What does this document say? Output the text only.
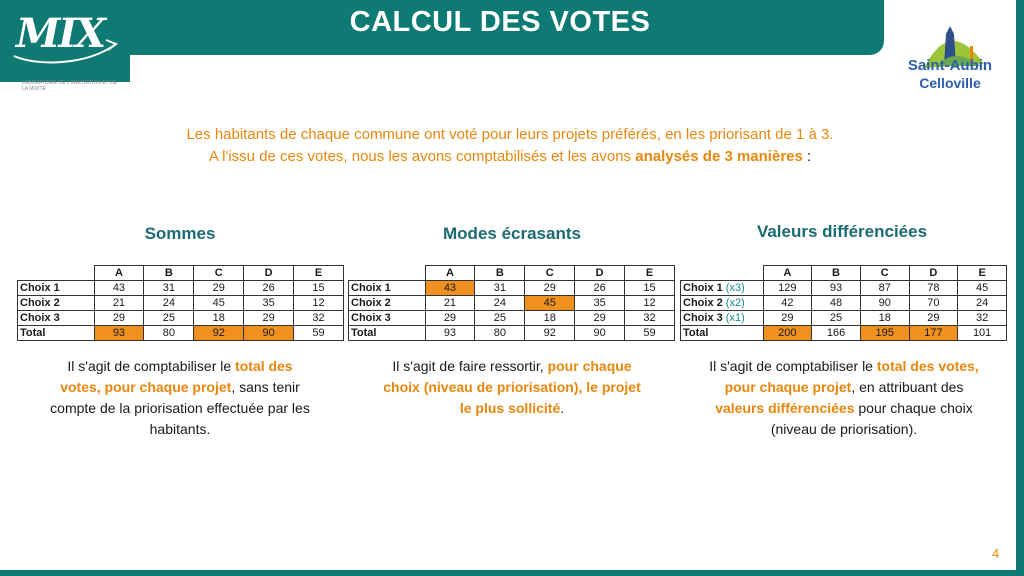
MIX
LABORATOIRE DE L'INNOVATION ET DE LA MIXITÉ
CALCUL DES VOTES
Saint-Aubin
Celloville
Les habitants de chaque commune ont voté pour leurs projets préférés, en les priorisant de 1 à 3.
A l'issu de ces votes, nous les avons comptabilisés et les avons analysés de 3 manières :
Sommes
	A	B	C	D	E
Choix 1	43	31	29	26	15
Choix 2	21	24	45	35	12
Choix 3	29	25	18	29	32
Total	93	80	92	90	59
Il s'agit de comptabiliser le total des votes, pour chaque projet, sans tenir compte de la priorisation effectuée par les habitants.
Modes écrasants
	A	B	C	D	E
Choix 1	43	31	29	26	15
Choix 2	21	24	45	35	12
Choix 3	29	25	18	29	32
Total	93	80	92	90	59
Il s'agit de faire ressortir, pour chaque choix (niveau de priorisation), le projet le plus sollicité.
Valeurs différenciées
	A	B	C	D	E
Choix 1 (x3)	129	93	87	78	45
Choix 2 (x2)	42	48	90	70	24
Choix 3 (x1)	29	25	18	29	32
Total	200	166	195	177	101
Il s'agit de comptabiliser le total des votes, pour chaque projet, en attribuant des valeurs différenciées pour chaque choix (niveau de priorisation).
4
